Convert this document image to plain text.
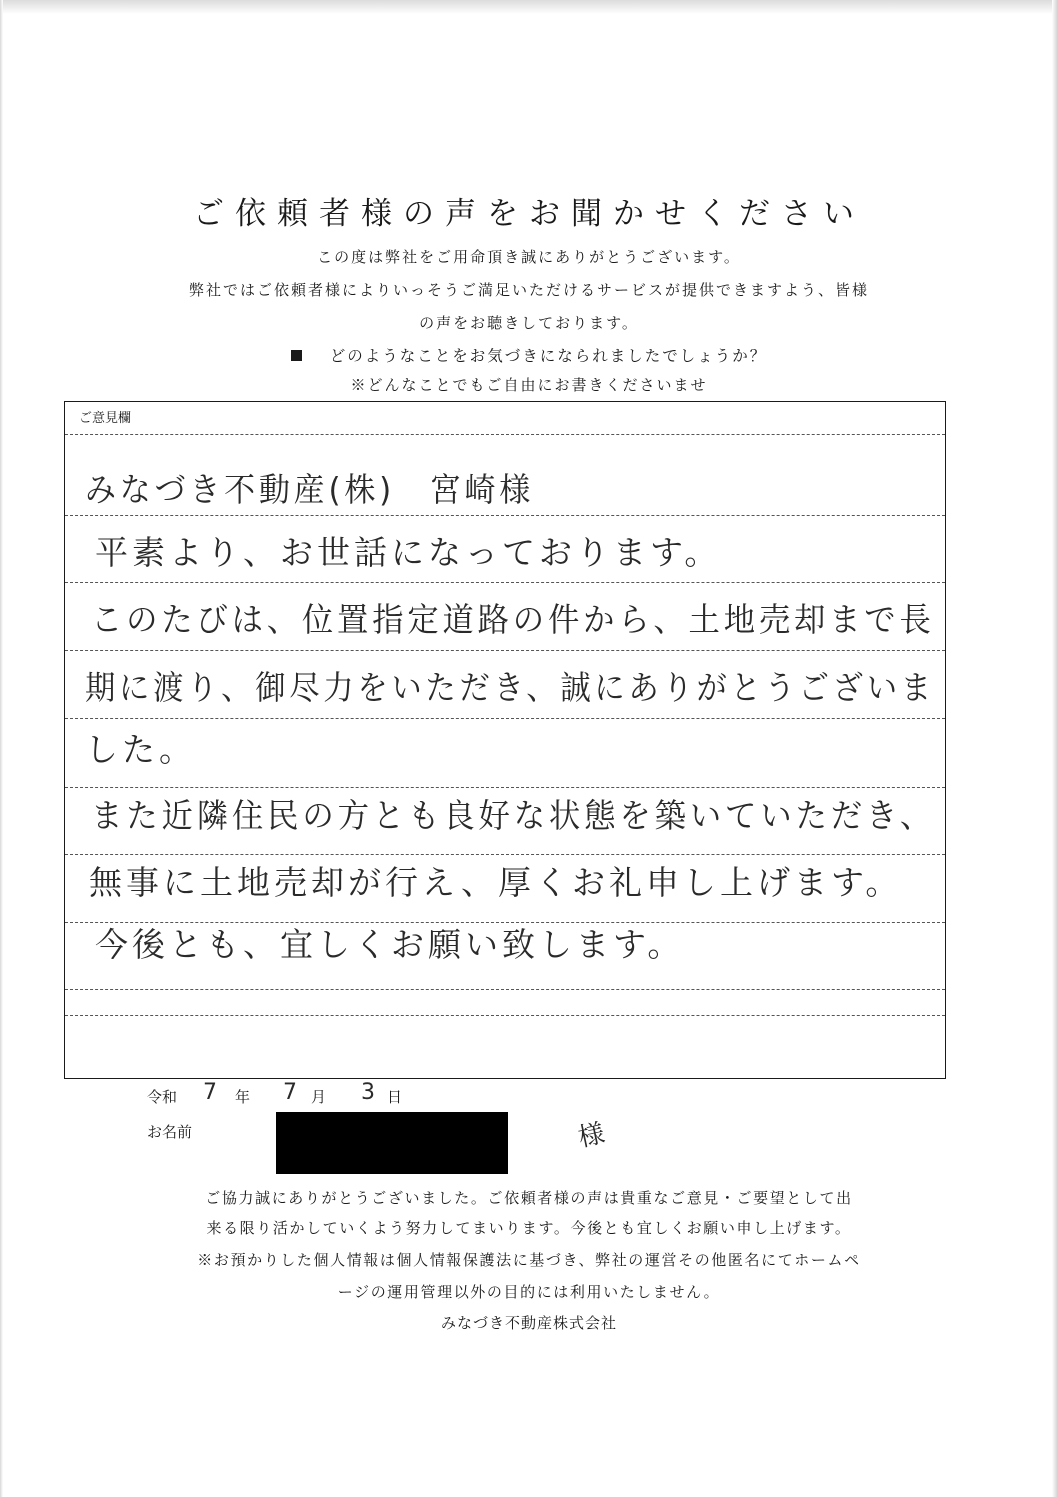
ご依頼者様の声をお聞かせください
この度は弊社をご用命頂き誠にありがとうございます。
弊社ではご依頼者様によりいっそうご満足いただけるサービスが提供できますよう、皆様
の声をお聴きしております。
どのようなことをお気づきになられましたでしょうか？
※どんなことでもご自由にお書きくださいませ
ご意見欄
みなづき不動産(株)　宮崎様
平素より、お世話になっております。
このたびは、位置指定道路の件から、土地売却まで長
期に渡り、御尽力をいただき、誠にありがとうございま
した。
また近隣住民の方とも良好な状態を築いていただき、
無事に土地売却が行え、厚くお礼申し上げます。
今後とも、宜しくお願い致します。
令和 7 年 7 月 3 日
お名前	様
ご協力誠にありがとうございました。ご依頼者様の声は貴重なご意見・ご要望として出
来る限り活かしていくよう努力してまいります。今後とも宜しくお願い申し上げます。
※お預かりした個人情報は個人情報保護法に基づき、弊社の運営その他匿名にてホームペ
ージの運用管理以外の目的には利用いたしません。
みなづき不動産株式会社
